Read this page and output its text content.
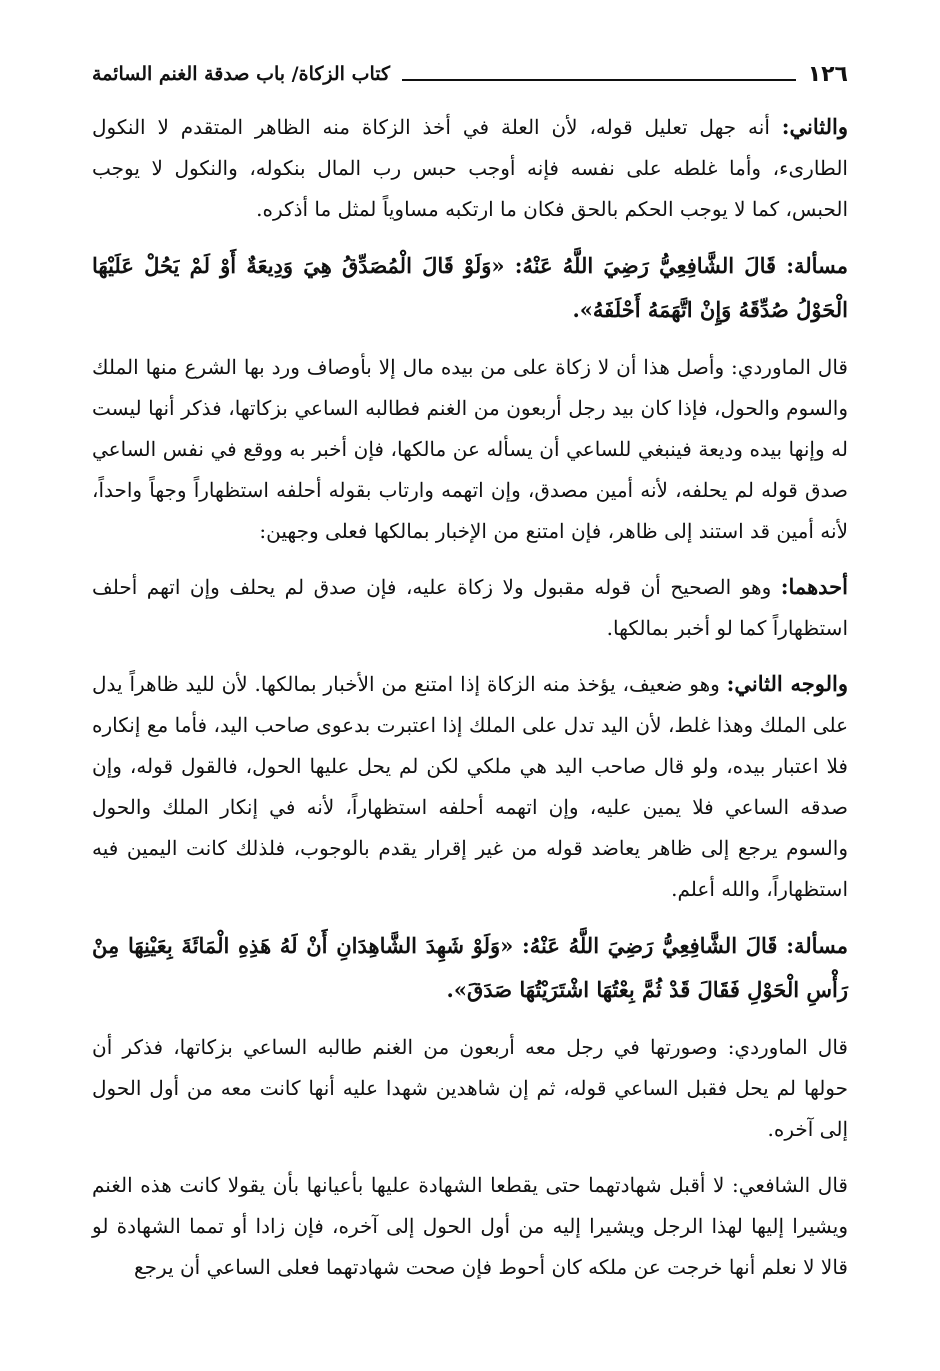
١٢٦
كتاب الزكاة/ باب صدقة الغنم السائمة

والثاني: أنه جهل تعليل قوله، لأن العلة في أخذ الزكاة منه الظاهر المتقدم لا النكول الطارىء، وأما غلطه على نفسه فإنه أوجب حبس رب المال بنكوله، والنكول لا يوجب الحبس، كما لا يوجب الحكم بالحق فكان ما ارتكبه مساوياً لمثل ما أذكره.

مسألة: قَالَ الشَّافِعِيُّ رَضِيَ اللَّهُ عَنْهُ: «وَلَوْ قَالَ الْمُصَدِّقُ هِيَ وَدِيعَةٌ أَوْ لَمْ يَحُلْ عَلَيْهَا الْحَوْلُ صُدِّقَهُ وَإِنْ اتَّهَمَهُ أَحْلَفَهُ».

قال الماوردي: وأصل هذا أن لا زكاة على من بيده مال إلا بأوصاف ورد بها الشرع منها الملك والسوم والحول، فإذا كان بيد رجل أربعون من الغنم فطالبه الساعي بزكاتها، فذكر أنها ليست له وإنها بيده وديعة فينبغي للساعي أن يسأله عن مالكها، فإن أخبر به ووقع في نفس الساعي صدق قوله لم يحلفه، لأنه أمين مصدق، وإن اتهمه وارتاب بقوله أحلفه استظهاراً وجهاً واحداً، لأنه أمين قد استند إلى ظاهر، فإن امتنع من الإخبار بمالكها فعلى وجهين:

أحدهما: وهو الصحيح أن قوله مقبول ولا زكاة عليه، فإن صدق لم يحلف وإن اتهم أحلف استظهاراً كما لو أخبر بمالكها.

والوجه الثاني: وهو ضعيف، يؤخذ منه الزكاة إذا امتنع من الأخبار بمالكها. لأن لليد ظاهراً يدل على الملك وهذا غلط، لأن اليد تدل على الملك إذا اعتبرت بدعوى صاحب اليد، فأما مع إنكاره فلا اعتبار بيده، ولو قال صاحب اليد هي ملكي لكن لم يحل عليها الحول، فالقول قوله، وإن صدقه الساعي فلا يمين عليه، وإن اتهمه أحلفه استظهاراً، لأنه في إنكار الملك والحول والسوم يرجع إلى ظاهر يعاضد قوله من غير إقرار يقدم بالوجوب، فلذلك كانت اليمين فيه استظهاراً، والله أعلم.

مسألة: قَالَ الشَّافِعِيُّ رَضِيَ اللَّهُ عَنْهُ: «وَلَوْ شَهِدَ الشَّاهِدَانِ أَنْ لَهُ هَذِهِ الْمَائَةَ بِعَيْنِهَا مِنْ رَأْسِ الْحَوْلِ فَقَالَ قَدْ ثُمَّ بِعْتُهَا اشْتَرَيْتُهَا صَدَقَ».

قال الماوردي: وصورتها في رجل معه أربعون من الغنم طالبه الساعي بزكاتها، فذكر أن حولها لم يحل فقبل الساعي قوله، ثم إن شاهدين شهدا عليه أنها كانت معه من أول الحول إلى آخره.

قال الشافعي: لا أقبل شهادتهما حتى يقطعا الشهادة عليها بأعيانها بأن يقولا كانت هذه الغنم ويشيرا إليها لهذا الرجل ويشيرا إليه من أول الحول إلى آخره، فإن زادا أو تمما الشهادة لو قالا لا نعلم أنها خرجت عن ملكه كان أحوط فإن صحت شهادتهما فعلى الساعي أن يرجع
